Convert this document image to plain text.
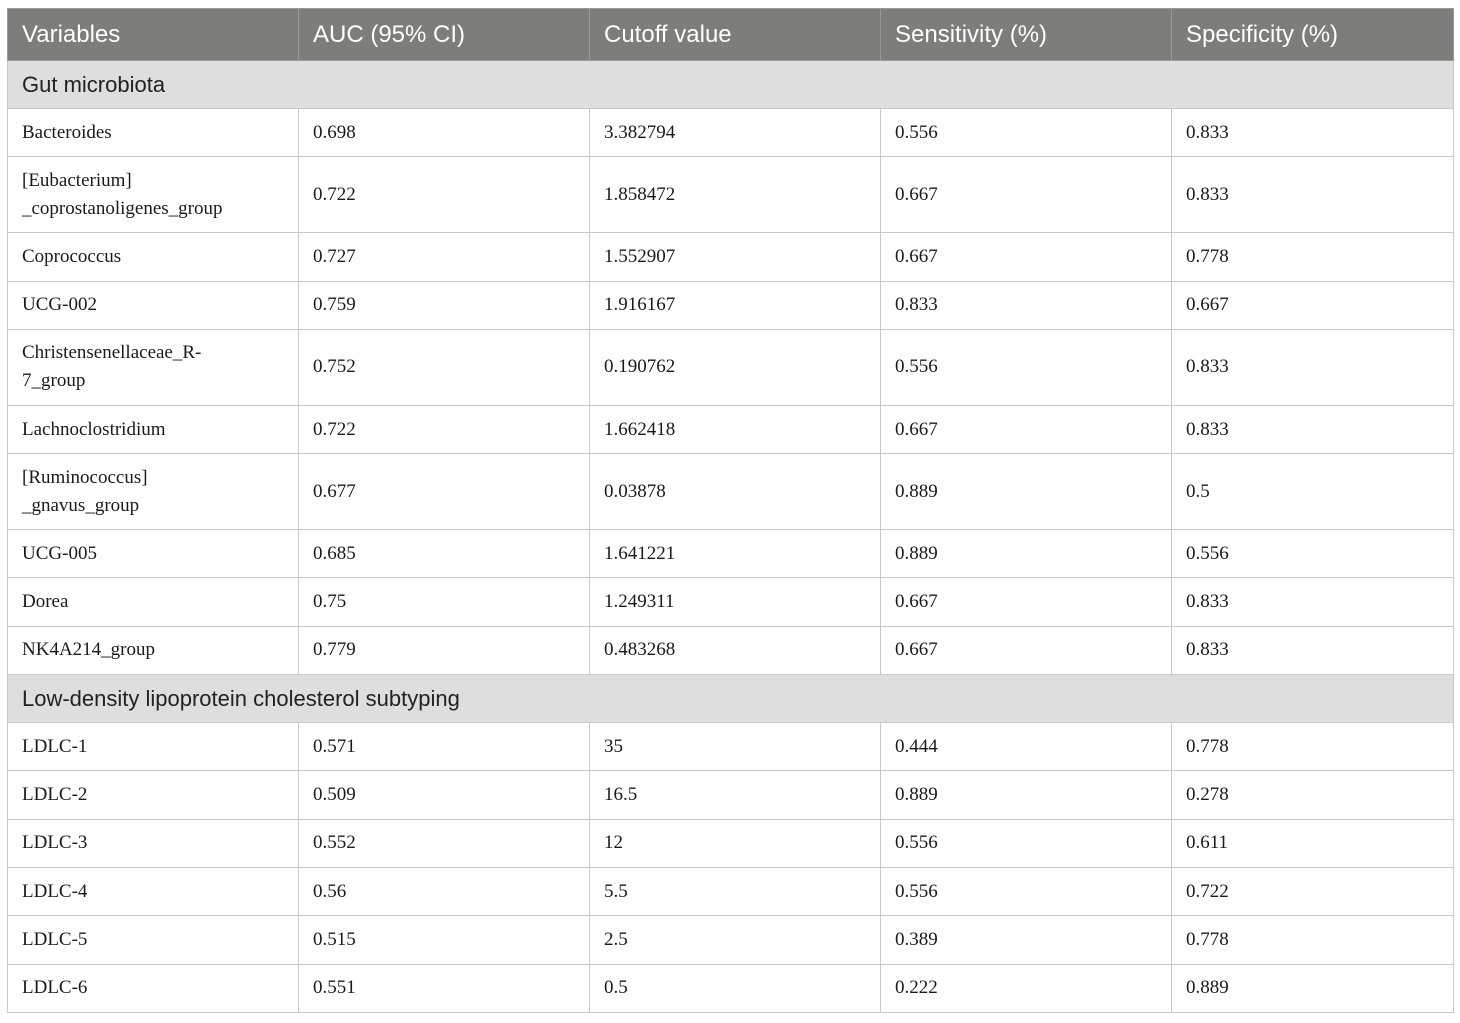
Variables	AUC (95% CI)	Cutoff value	Sensitivity (%)	Specificity (%)
Gut microbiota				
Bacteroides	0.698	3.382794	0.556	0.833
[Eubacterium]
_coprostanoligenes_group	0.722	1.858472	0.667	0.833
Coprococcus	0.727	1.552907	0.667	0.778
UCG-002	0.759	1.916167	0.833	0.667
Christensenellaceae_R-
7_group	0.752	0.190762	0.556	0.833
Lachnoclostridium	0.722	1.662418	0.667	0.833
[Ruminococcus]
_gnavus_group	0.677	0.03878	0.889	0.5
UCG-005	0.685	1.641221	0.889	0.556
Dorea	0.75	1.249311	0.667	0.833
NK4A214_group	0.779	0.483268	0.667	0.833
Low-density lipoprotein cholesterol subtyping				
LDLC-1	0.571	35	0.444	0.778
LDLC-2	0.509	16.5	0.889	0.278
LDLC-3	0.552	12	0.556	0.611
LDLC-4	0.56	5.5	0.556	0.722
LDLC-5	0.515	2.5	0.389	0.778
LDLC-6	0.551	0.5	0.222	0.889
